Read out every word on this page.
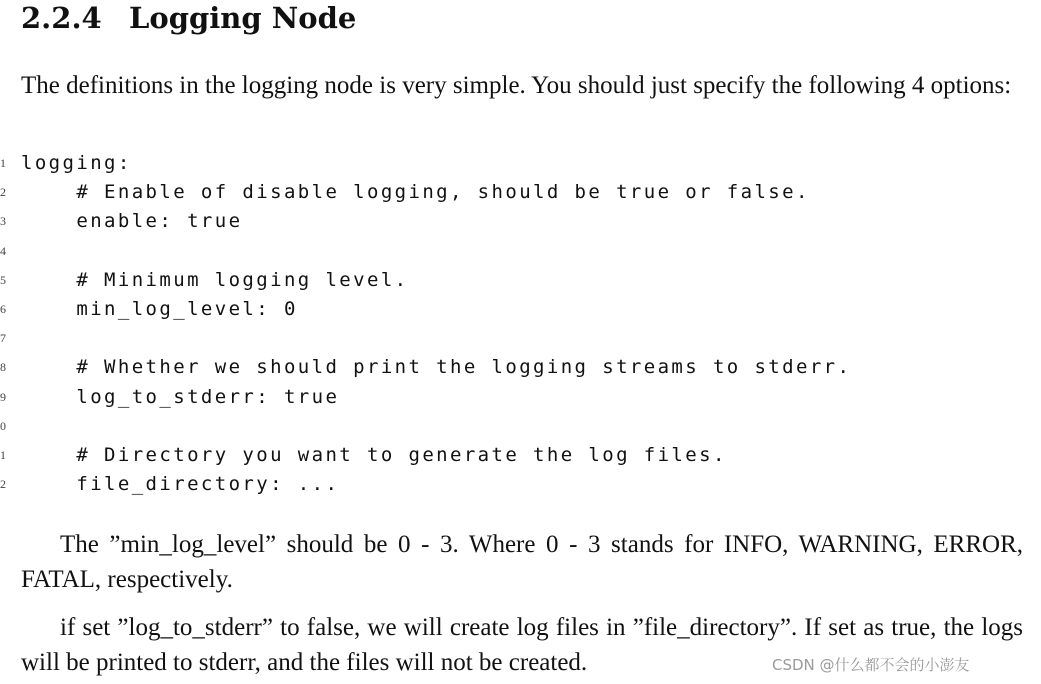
2.2.4 Logging Node

The definitions in the logging node is very simple. You should just specify the following 4 options:

1 logging:
2 # Enable of disable logging, should be true or false.
3 enable: true
4
5 # Minimum logging level.
6 min_log_level: 0
7
8 # Whether we should print the logging streams to stderr.
9 log_to_stderr: true
0
1 # Directory you want to generate the log files.
2 file_directory: ...

The ”min_log_level” should be 0 - 3. Where 0 - 3 stands for INFO, WARNING, ERROR, FATAL, respectively.

if set ”log_to_stderr” to false, we will create log files in ”file_directory”. If set as true, the logs will be printed to stderr, and the files will not be created.	CSDN @什么都不会的小澎友
